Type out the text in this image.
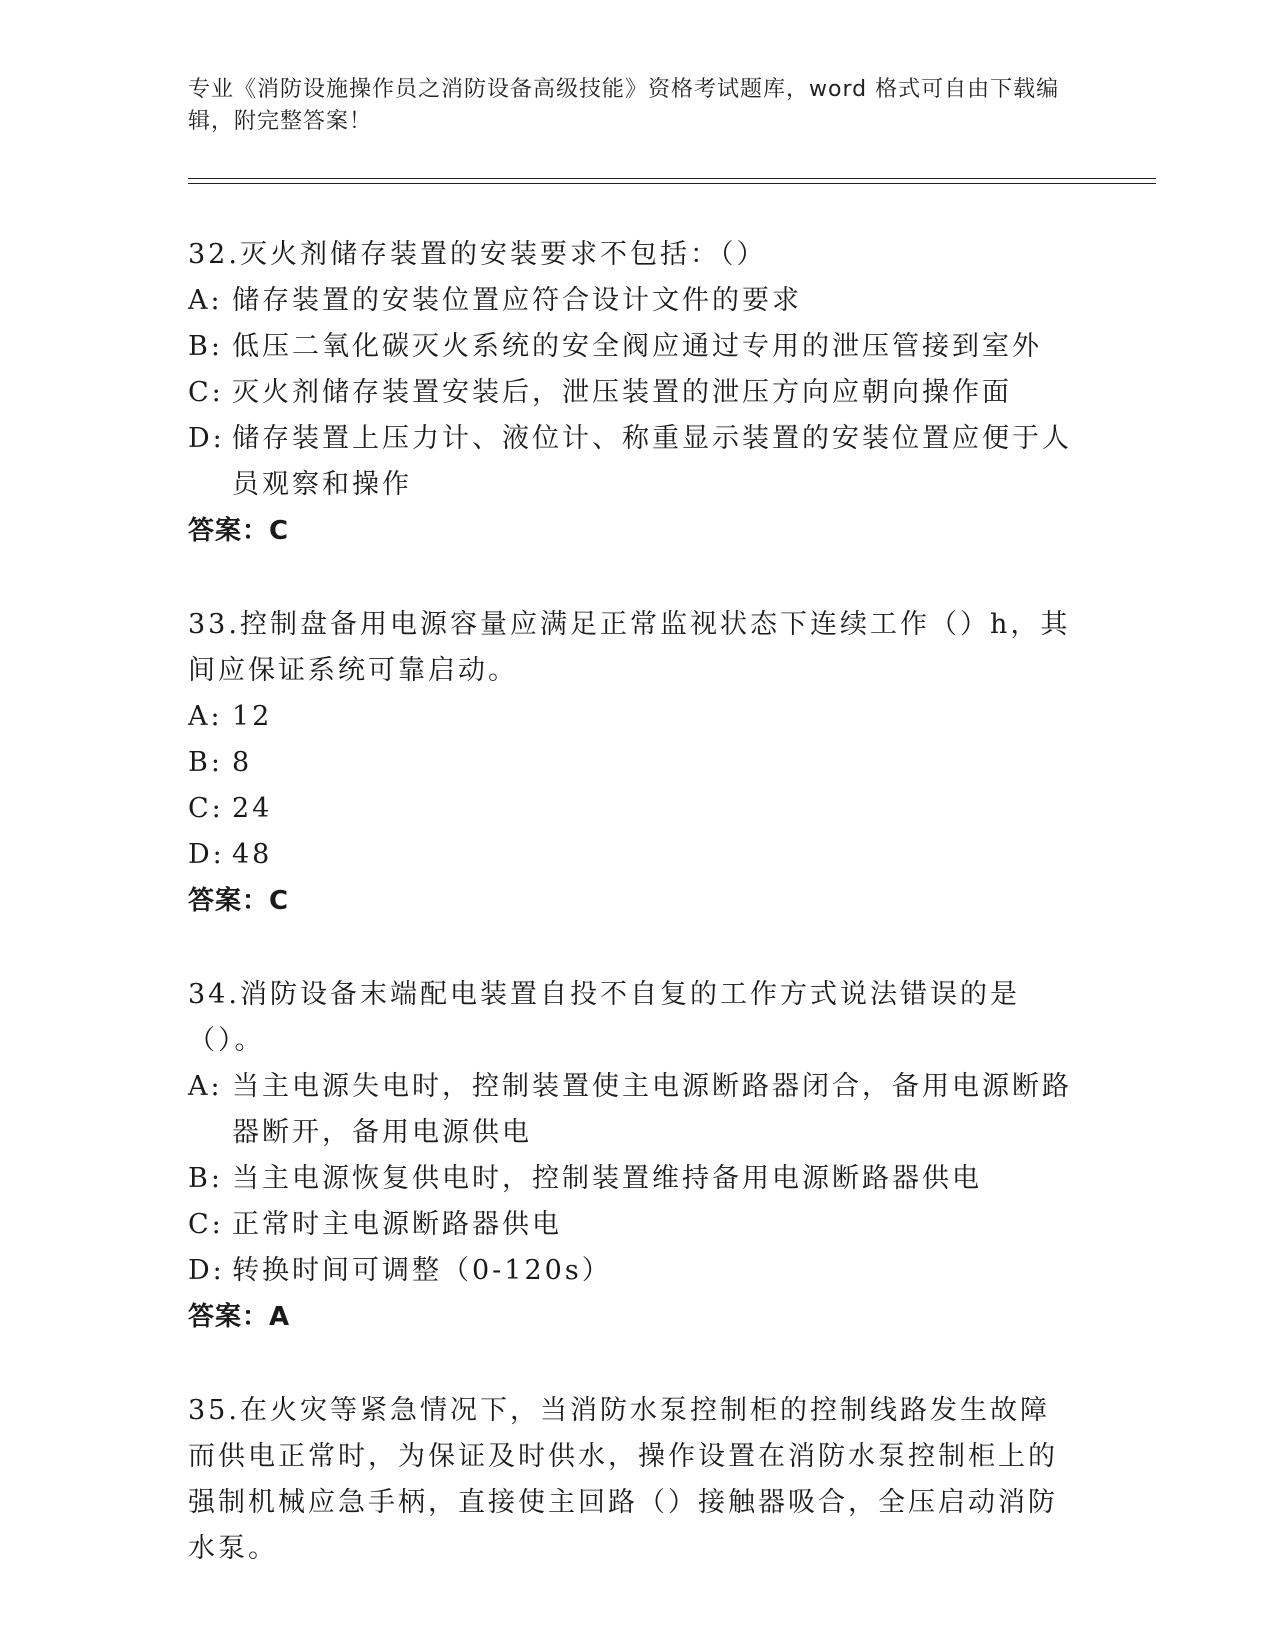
专业《消防设施操作员之消防设备高级技能》资格考试题库，word 格式可自由下载编辑，附完整答案！
32.灭火剂储存装置的安装要求不包括：（）
A: 储存装置的安装位置应符合设计文件的要求
B: 低压二氧化碳灭火系统的安全阀应通过专用的泄压管接到室外
C: 灭火剂储存装置安装后，泄压装置的泄压方向应朝向操作面
D: 储存装置上压力计、液位计、称重显示装置的安装位置应便于人员观察和操作
答案：C
33.控制盘备用电源容量应满足正常监视状态下连续工作（）h，其间应保证系统可靠启动。
A: 12
B: 8
C: 24
D: 48
答案：C
34.消防设备末端配电装置自投不自复的工作方式说法错误的是（）。
A: 当主电源失电时，控制装置使主电源断路器闭合，备用电源断路器断开，备用电源供电
B: 当主电源恢复供电时，控制装置维持备用电源断路器供电
C: 正常时主电源断路器供电
D: 转换时间可调整（0-120s）
答案：A
35.在火灾等紧急情况下，当消防水泵控制柜的控制线路发生故障而供电正常时，为保证及时供水，操作设置在消防水泵控制柜上的强制机械应急手柄，直接使主回路（）接触器吸合，全压启动消防水泵。
